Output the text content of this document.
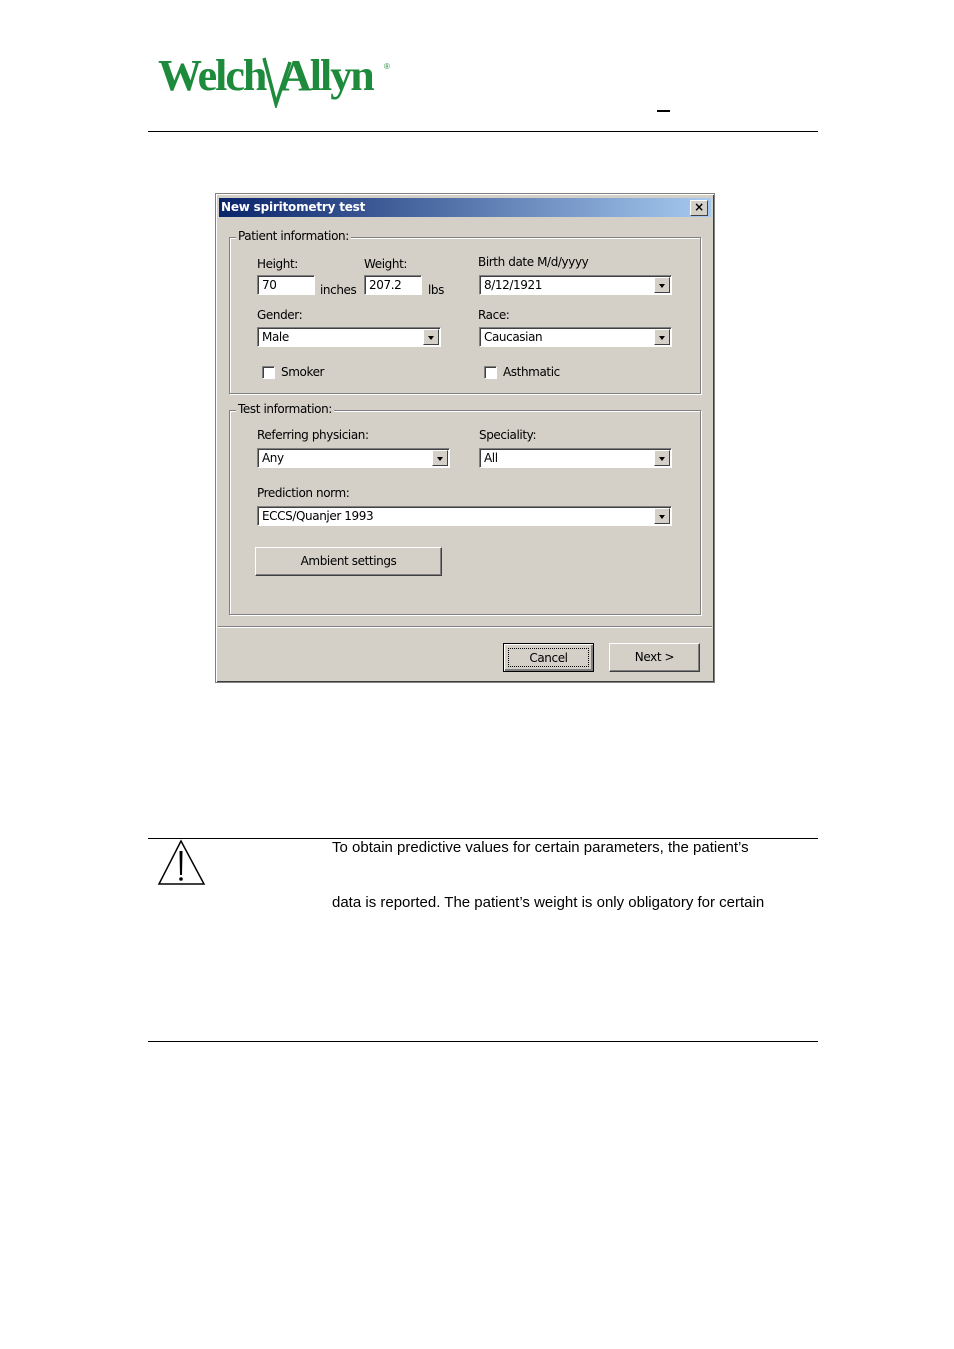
Welch Allyn ®
New spiritometry test	×
Patient information:
Height:
70	inches
Weight:
207.2 lbs
Birth date M/d/yyyy
8/12/1921
Gender:
Male
Race:
Caucasian
Smoker	Asthmatic
Test information:
Referring physician:
Any
Speciality:
All
Prediction norm:
ECCS/Quanjer 1993
Ambient settings
Cancel	Next >
To obtain predictive values for certain parameters, the patient’s
data is reported. The patient’s weight is only obligatory for certain
